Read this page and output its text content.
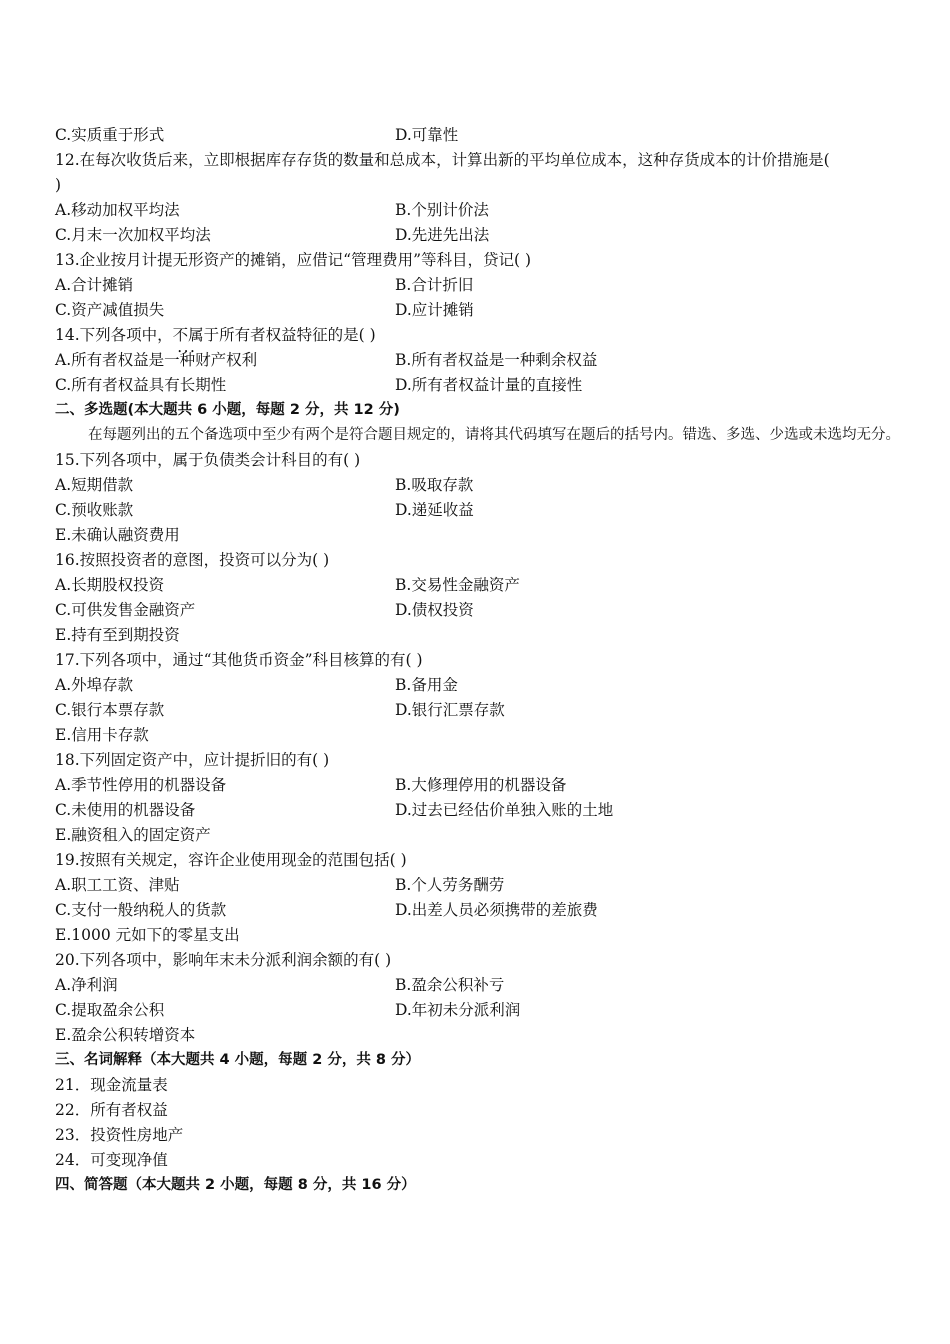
C.实质重于形式	D.可靠性
12.在每次收货后来，立即根据库存存货的数量和总成本，计算出新的平均单位成本，这种存货成本的计价措施是(
)
A.移动加权平均法	B.个别计价法
C.月末一次加权平均法	D.先进先出法
13.企业按月计提无形资产的摊销，应借记“管理费用”等科目，贷记( )
A.合计摊销	B.合计折旧
C.资产减值损失	D.应计摊销
14.下列各项中，不属于 • • •所有者权益特征的是( )
A.所有者权益是一种财产权利	B.所有者权益是一种剩余权益
C.所有者权益具有长期性	D.所有者权益计量的直接性
二、多选题(本大题共 6 小题，每题 2 分，共 12 分)
在每题列出的五个备选项中至少有两个是符合题目规定的，请将其代码填写在题后的括号内。错选、多选、少选或未选均无分。
15.下列各项中，属于负债类会计科目的有( )
A.短期借款	B.吸取存款
C.预收账款	D.递延收益
E.未确认融资费用
16.按照投资者的意图，投资可以分为( )
A.长期股权投资	B.交易性金融资产
C.可供发售金融资产	D.债权投资
E.持有至到期投资
17.下列各项中，通过“其他货币资金”科目核算的有( )
A.外埠存款	B.备用金
C.银行本票存款	D.银行汇票存款
E.信用卡存款
18.下列固定资产中，应计提折旧的有( )
A.季节性停用的机器设备	B.大修理停用的机器设备
C.未使用的机器设备	D.过去已经估价单独入账的土地
E.融资租入的固定资产
19.按照有关规定，容许企业使用现金的范围包括( )
A.职工工资、津贴	B.个人劳务酬劳
C.支付一般纳税人的货款	D.出差人员必须携带的差旅费
E.1000 元如下的零星支出
20.下列各项中，影响年末未分派利润余额的有( )
A.净利润	B.盈余公积补亏
C.提取盈余公积	D.年初未分派利润
E.盈余公积转增资本
三、名词解释（本大题共 4 小题，每题 2 分，共 8 分）
21．现金流量表
22．所有者权益
23．投资性房地产
24．可变现净值
四、简答题（本大题共 2 小题，每题 8 分，共 16 分）
